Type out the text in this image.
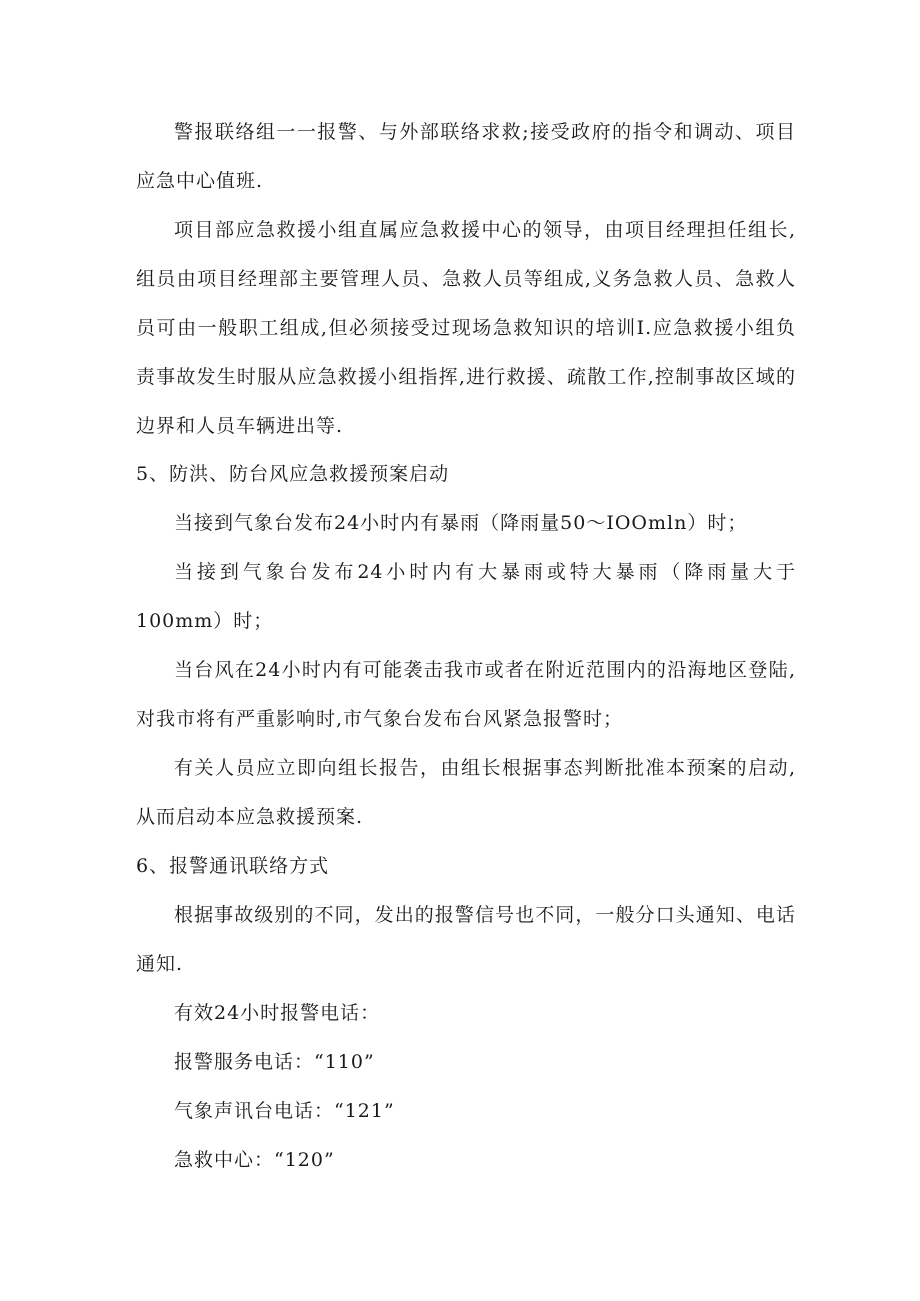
警报联络组一一报警、与外部联络求救;接受政府的指令和调动、项目应急中心值班.

项目部应急救援小组直属应急救援中心的领导，由项目经理担任组长,组员由项目经理部主要管理人员、急救人员等组成,义务急救人员、急救人员可由一般职工组成,但必须接受过现场急救知识的培训I.应急救援小组负责事故发生时服从应急救援小组指挥,进行救援、疏散工作,控制事故区域的边界和人员车辆进出等.

5、防洪、防台风应急救援预案启动

当接到气象台发布24小时内有暴雨（降雨量50～IOOmln）时；

当接到气象台发布24小时内有大暴雨或特大暴雨（降雨量大于100mm）时；

当台风在24小时内有可能袭击我市或者在附近范围内的沿海地区登陆,对我市将有严重影响时,市气象台发布台风紧急报警时；

有关人员应立即向组长报告，由组长根据事态判断批准本预案的启动,从而启动本应急救援预案.

6、报警通讯联络方式

根据事故级别的不同，发出的报警信号也不同，一般分口头通知、电话通知.

有效24小时报警电话：

报警服务电话：“110”

气象声讯台电话：“121”

急救中心：“120”
